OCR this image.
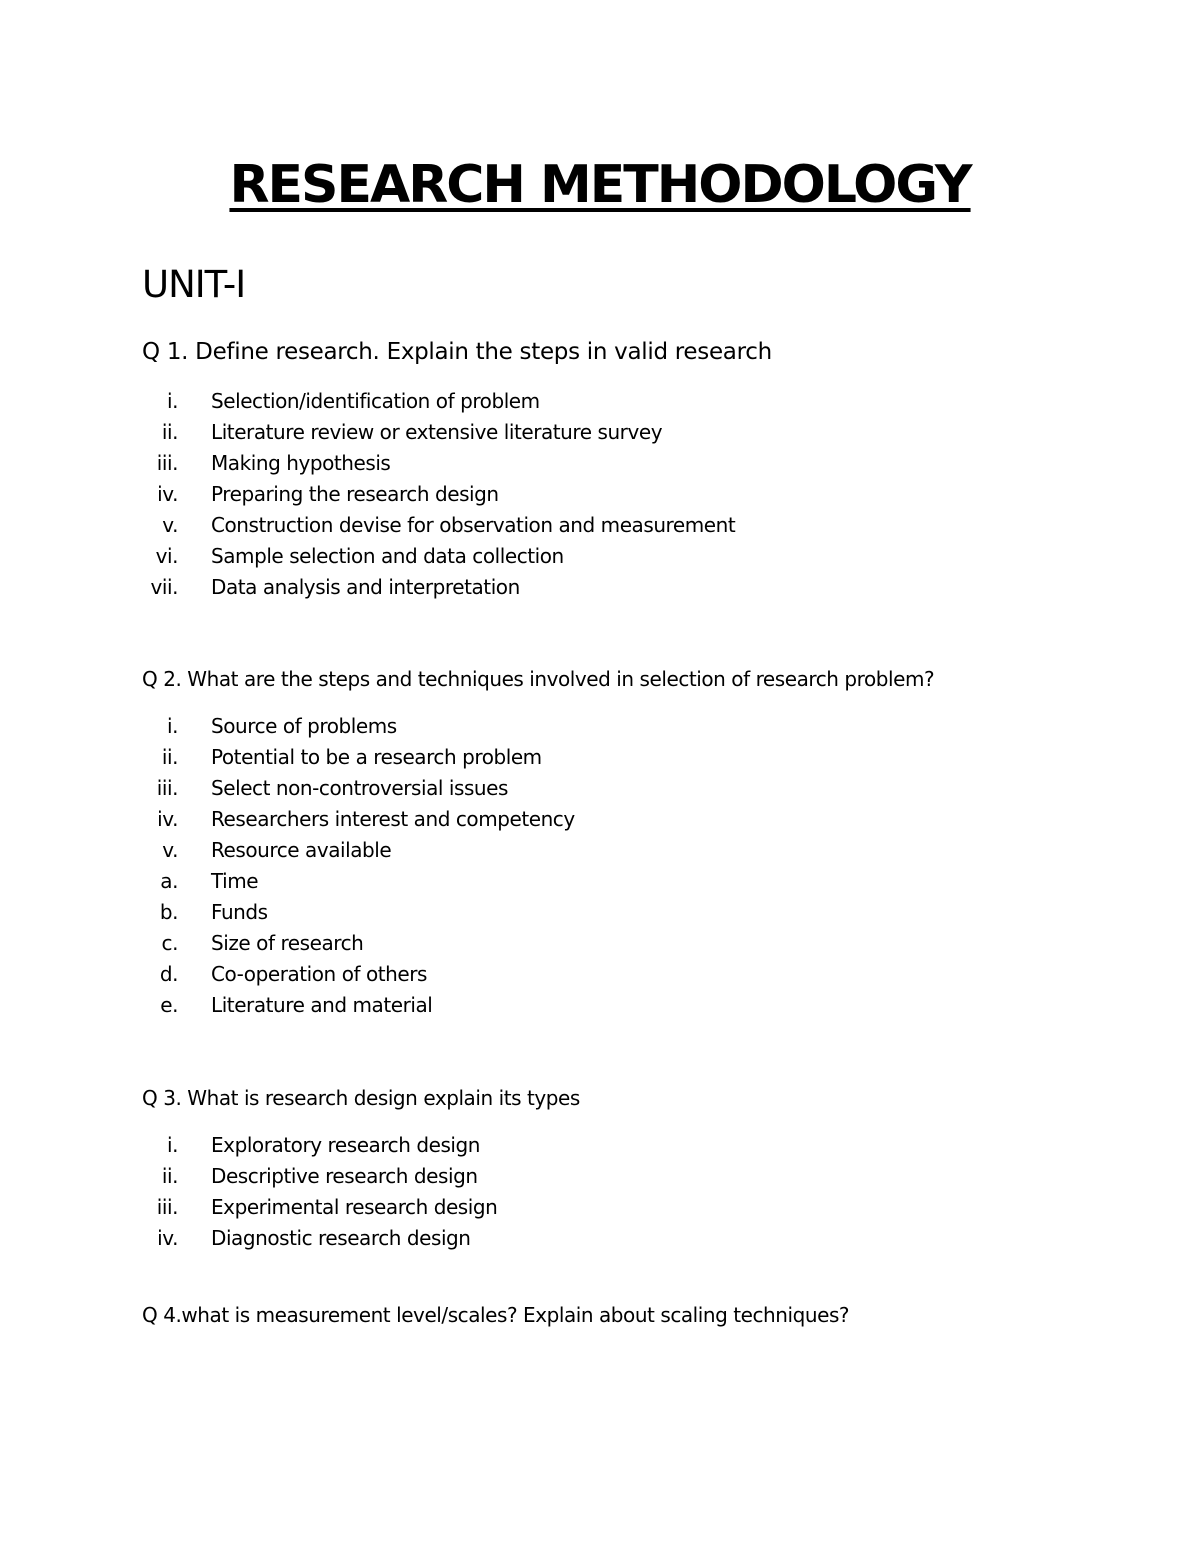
RESEARCH METHODOLOGY
UNIT-I
Q 1. Define research. Explain the steps in valid research
i. Selection/identification of problem
ii. Literature review or extensive literature survey
iii. Making hypothesis
iv. Preparing the research design
v. Construction devise for observation and measurement
vi. Sample selection and data collection
vii. Data analysis and interpretation
Q 2. What are the steps and techniques involved in selection of research problem?
i. Source of problems
ii. Potential to be a research problem
iii. Select non-controversial issues
iv. Researchers interest and competency
v. Resource available
a. Time
b. Funds
c. Size of research
d. Co-operation of others
e. Literature and material
Q 3. What is research design explain its types
i. Exploratory research design
ii. Descriptive research design
iii. Experimental research design
iv. Diagnostic research design
Q 4.what is measurement level/scales? Explain about scaling techniques?
